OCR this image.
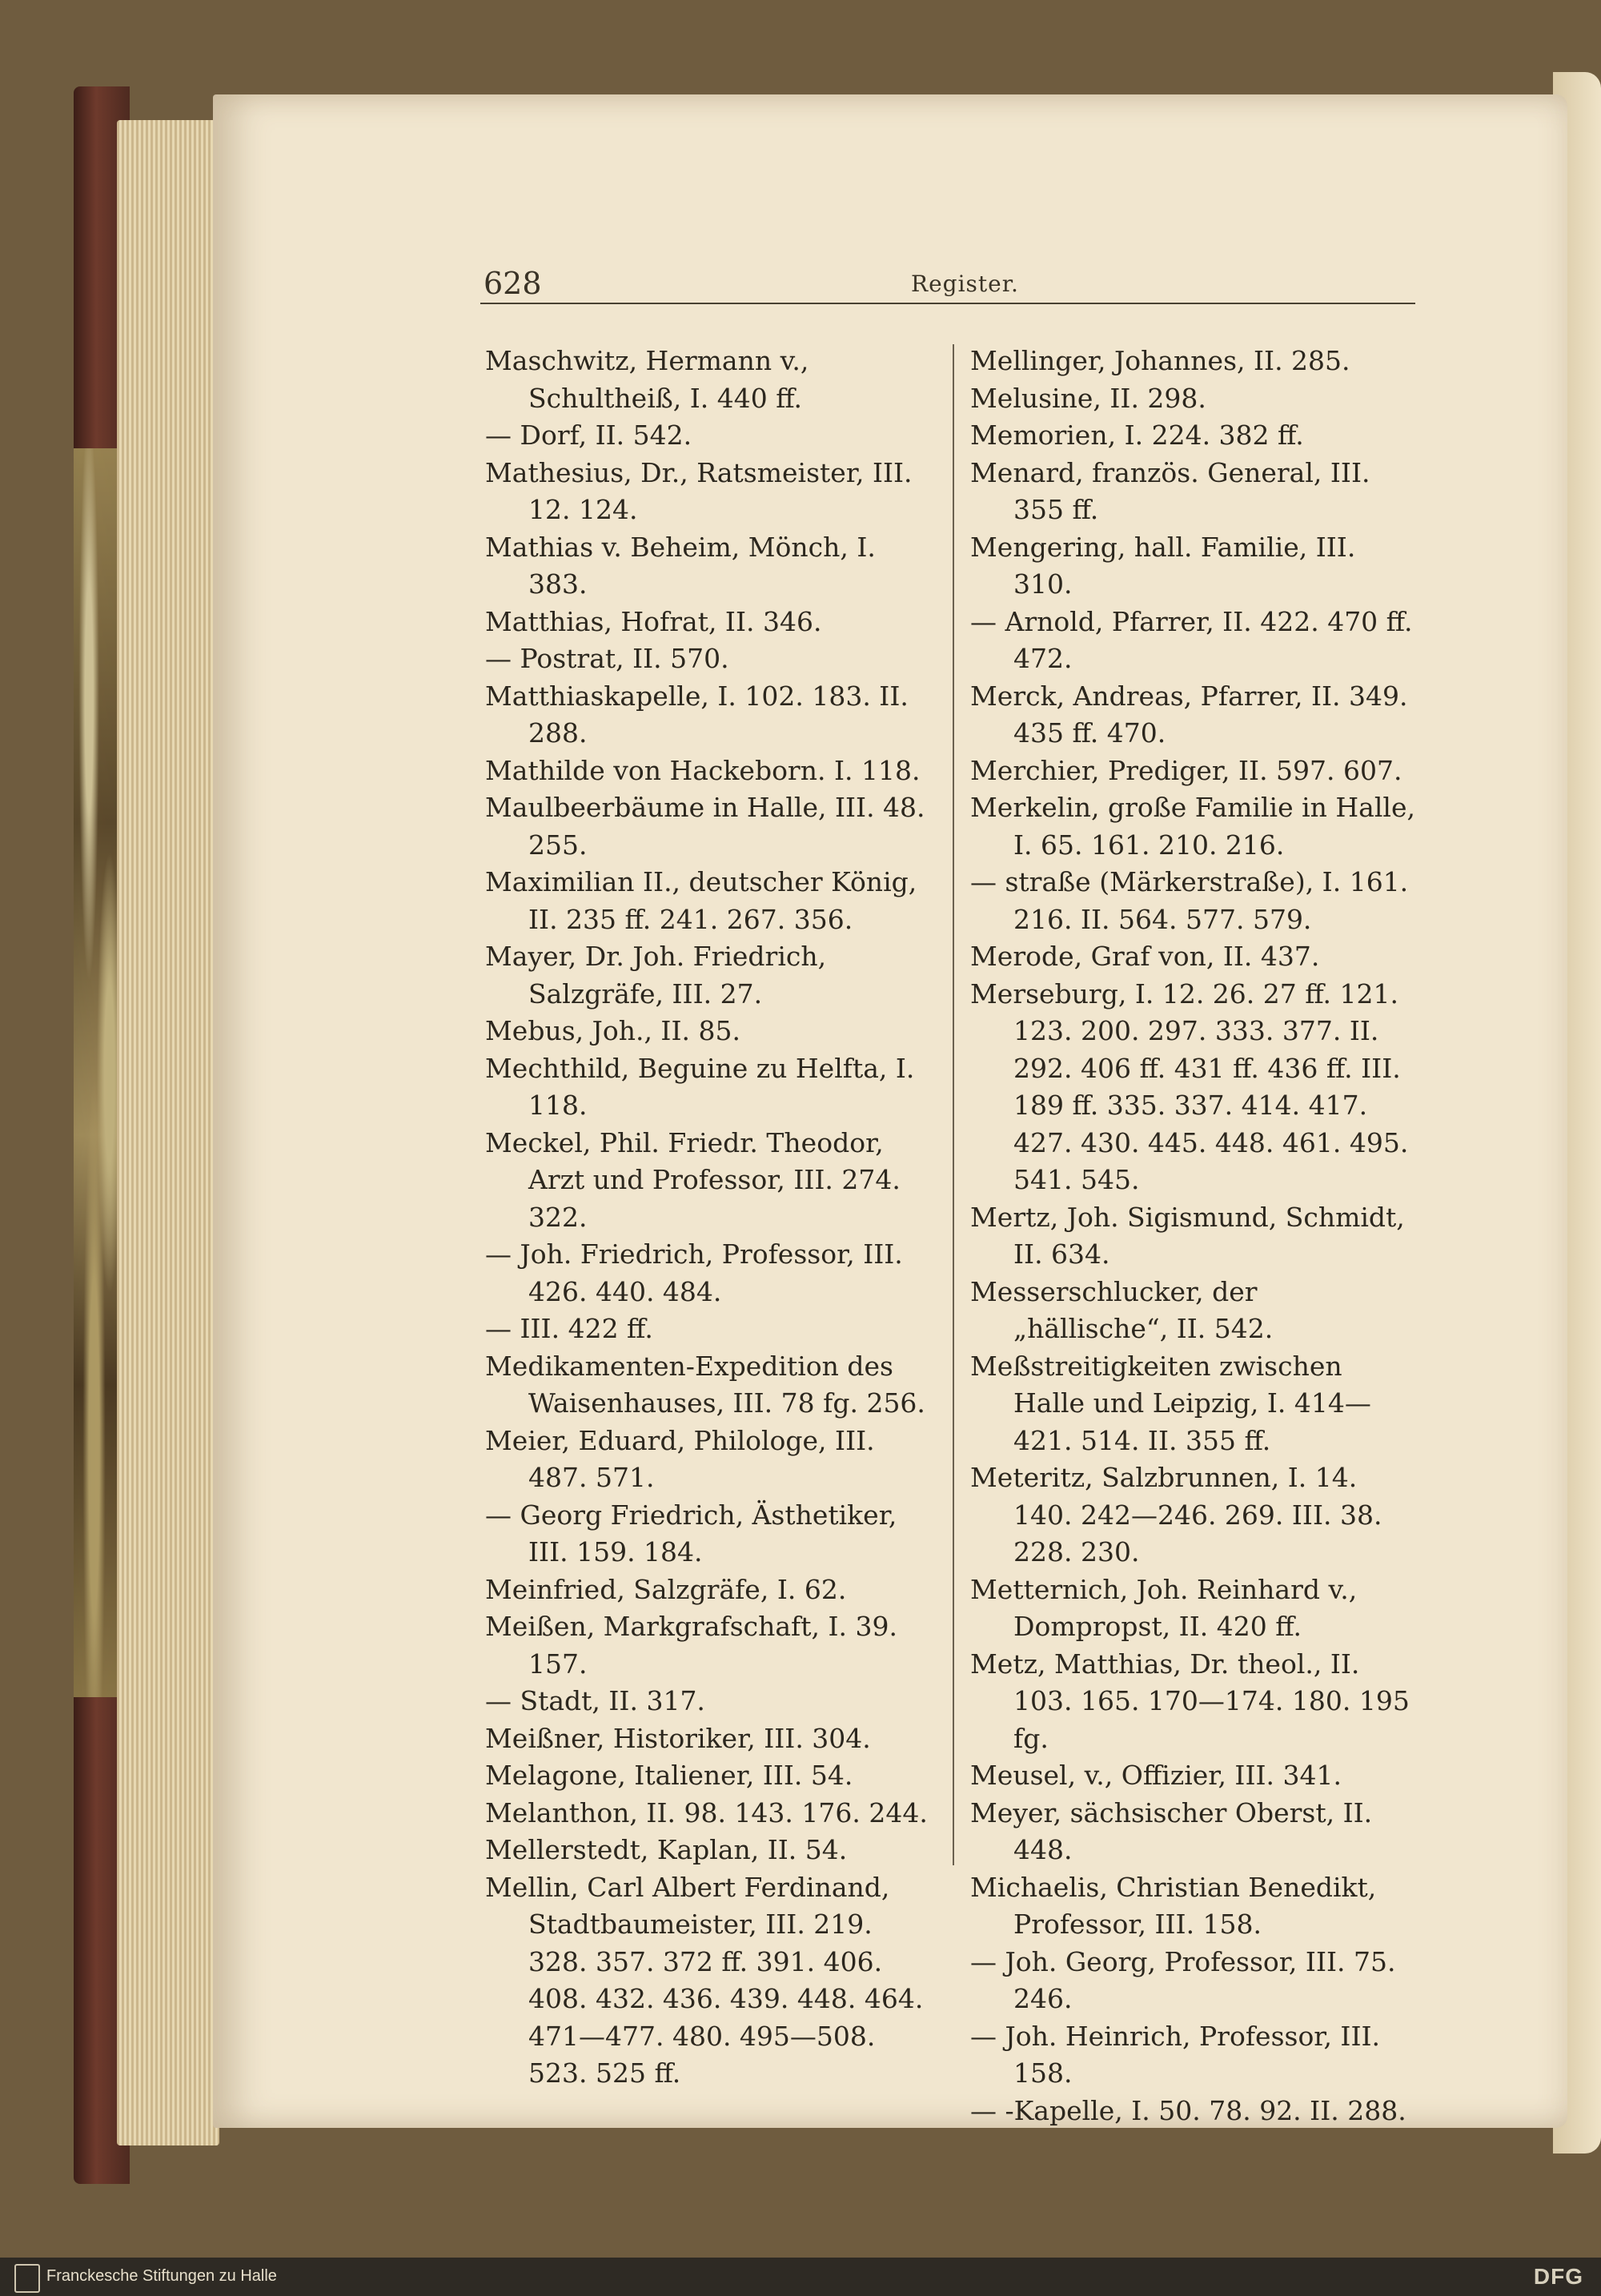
628	Register.

Maschwitz, Hermann v., Schultheiß, I. 440 ff.

— Dorf, II. 542.

Mathesius, Dr., Ratsmeister, III. 12. 124.

Mathias v. Beheim, Mönch, I. 383.

Matthias, Hofrat, II. 346.

— Postrat, II. 570.

Matthiaskapelle, I. 102. 183. II. 288.

Mathilde von Hackeborn. I. 118.

Maulbeerbäume in Halle, III. 48. 255.

Maximilian II., deutscher König, II. 235 ff. 241. 267. 356.

Mayer, Dr. Joh. Friedrich, Salzgräfe, III. 27.

Mebus, Joh., II. 85.

Mechthild, Beguine zu Helfta, I. 118.

Meckel, Phil. Friedr. Theodor, Arzt und Professor, III. 274. 322.

— Joh. Friedrich, Professor, III. 426. 440. 484.

— III. 422 ff.

Medikamenten-Expedition des Waisenhauses, III. 78 fg. 256.

Meier, Eduard, Philologe, III. 487. 571.

— Georg Friedrich, Ästhetiker, III. 159. 184.

Meinfried, Salzgräfe, I. 62.

Meißen, Markgrafschaft, I. 39. 157.

— Stadt, II. 317.

Meißner, Historiker, III. 304.

Melagone, Italiener, III. 54.

Melanthon, II. 98. 143. 176. 244.

Mellerstedt, Kaplan, II. 54.

Mellin, Carl Albert Ferdinand, Stadtbaumeister, III. 219. 328. 357. 372 ff. 391. 406. 408. 432. 436. 439. 448. 464. 471—477. 480. 495—508. 523. 525 ff.

Mellinger, Johannes, II. 285.

Melusine, II. 298.

Memorien, I. 224. 382 ff.

Menard, französ. General, III. 355 ff.

Mengering, hall. Familie, III. 310.

— Arnold, Pfarrer, II. 422. 470 ff. 472.

Merck, Andreas, Pfarrer, II. 349. 435 ff. 470.

Merchier, Prediger, II. 597. 607.

Merkelin, große Familie in Halle, I. 65. 161. 210. 216.

— straße (Märkerstraße), I. 161. 216. II. 564. 577. 579.

Merode, Graf von, II. 437.

Merseburg, I. 12. 26. 27 ff. 121. 123. 200. 297. 333. 377. II. 292. 406 ff. 431 ff. 436 ff. III. 189 ff. 335. 337. 414. 417. 427. 430. 445. 448. 461. 495. 541. 545.

Mertz, Joh. Sigismund, Schmidt, II. 634.

Messerschlucker, der „hällische“, II. 542.

Meßstreitigkeiten zwischen Halle und Leipzig, I. 414—421. 514. II. 355 ff.

Meteritz, Salzbrunnen, I. 14. 140. 242—246. 269. III. 38. 228. 230.

Metternich, Joh. Reinhard v., Dompropst, II. 420 ff.

Metz, Matthias, Dr. theol., II. 103. 165. 170—174. 180. 195 fg.

Meusel, v., Offizier, III. 341.

Meyer, sächsischer Oberst, II. 448.

Michaelis, Christian Benedikt, Professor, III. 158.

— Joh. Georg, Professor, III. 75. 246.

— Joh. Heinrich, Professor, III. 158.

— -Kapelle, I. 50. 78. 92. II. 288.

Franckesche Stiftungen zu Halle	DFG
